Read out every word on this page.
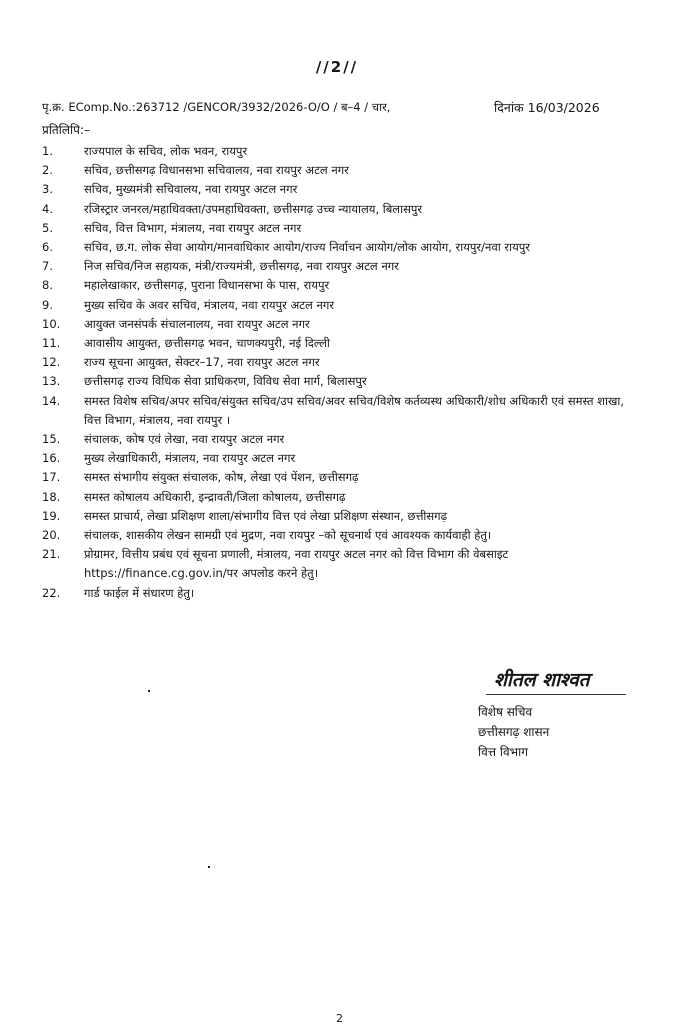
//2//
पृ.क्र. EComp.No.:263712 /GENCOR/3932/2026-O/O / ब–4 / चार,	दिनांक 16/03/2026
प्रतिलिपि:–
1.	राज्यपाल के सचिव, लोक भवन, रायपुर
2.	सचिव, छत्तीसगढ़ विधानसभा सचिवालय, नवा रायपुर अटल नगर
3.	सचिव, मुख्यमंत्री सचिवालय, नवा रायपुर अटल नगर
4.	रजिस्ट्रार जनरल/महाधिवक्ता/उपमहाधिवक्ता, छत्तीसगढ़ उच्च न्यायालय, बिलासपुर
5.	सचिव, वित्त विभाग, मंत्रालय, नवा रायपुर अटल नगर
6.	सचिव, छ.ग. लोक सेवा आयोग/मानवाधिकार आयोग/राज्य निर्वाचन आयोग/लोक आयोग, रायपुर/नवा रायपुर
7.	निज सचिव/निज सहायक, मंत्री/राज्यमंत्री, छत्तीसगढ़, नवा रायपुर अटल नगर
8.	महालेखाकार, छत्तीसगढ़, पुराना विधानसभा के पास, रायपुर
9.	मुख्य सचिव के अवर सचिव, मंत्रालय, नवा रायपुर अटल नगर
10.	आयुक्त जनसंपर्क संचालनालय, नवा रायपुर अटल नगर
11.	आवासीय आयुक्त, छत्तीसगढ़ भवन, चाणक्यपुरी, नई दिल्ली
12.	राज्य सूचना आयुक्त, सेक्टर–17, नवा रायपुर अटल नगर
13.	छत्तीसगढ़ राज्य विधिक सेवा प्राधिकरण, विविध सेवा मार्ग, बिलासपुर
14.	समस्त विशेष सचिव/अपर सचिव/संयुक्त सचिव/उप सचिव/अवर सचिव/विशेष कर्तव्यस्थ अधिकारी/शोध अधिकारी एवं समस्त शाखा, वित्त विभाग, मंत्रालय, नवा रायपुर ।
15.	संचालक, कोष एवं लेखा, नवा रायपुर अटल नगर
16.	मुख्य लेखाधिकारी, मंत्रालय, नवा रायपुर अटल नगर
17.	समस्त संभागीय संयुक्त संचालक, कोष, लेखा एवं पेंशन, छत्तीसगढ़
18.	समस्त कोषालय अधिकारी, इन्द्रावती/जिला कोषालय, छत्तीसगढ़
19.	समस्त प्राचार्य, लेखा प्रशिक्षण शाला/संभागीय वित्त एवं लेखा प्रशिक्षण संस्थान, छत्तीसगढ़
20.	संचालक, शासकीय लेखन सामग्री एवं मुद्रण, नवा रायपुर –को सूचनार्थ एवं आवश्यक कार्यवाही हेतु।
21.	प्रोग्रामर, वित्तीय प्रबंध एवं सूचना प्रणाली, मंत्रालय, नवा रायपुर अटल नगर को वित्त विभाग की वेबसाइट https://finance.cg.gov.in/पर अपलोड करने हेतु।
22.	गार्ड फाईल में संधारण हेतु।
शीतल शाश्वत
विशेष सचिव
छत्तीसगढ़ शासन
वित्त विभाग
2
